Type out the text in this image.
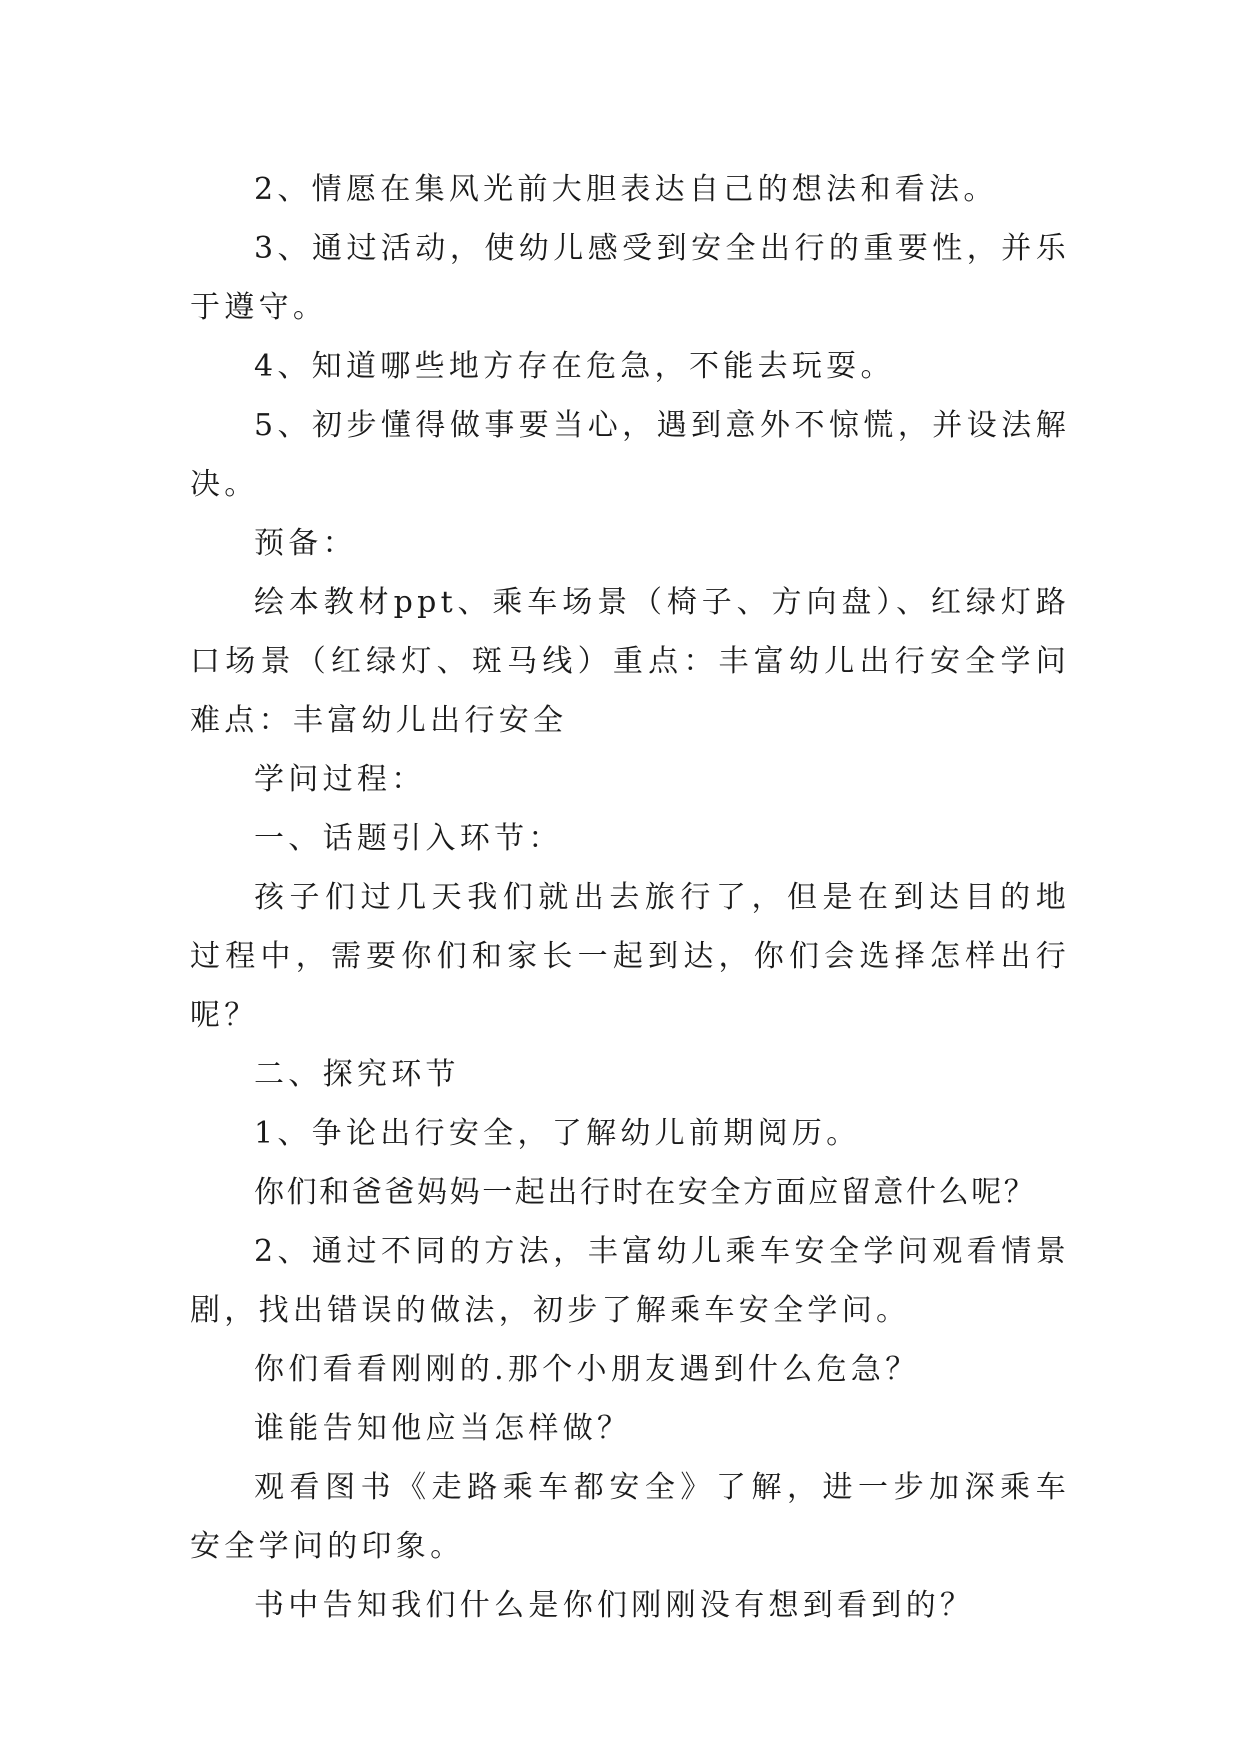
2、情愿在集风光前大胆表达自己的想法和看法。

3、通过活动，使幼儿感受到安全出行的重要性，并乐于遵守。

4、知道哪些地方存在危急，不能去玩耍。

5、初步懂得做事要当心，遇到意外不惊慌，并设法解决。

预备：

绘本教材ppt、乘车场景（椅子、方向盘）、红绿灯路口场景（红绿灯、斑马线）重点：丰富幼儿出行安全学问难点：丰富幼儿出行安全

学问过程：

一、话题引入环节：

孩子们过几天我们就出去旅行了，但是在到达目的地过程中，需要你们和家长一起到达，你们会选择怎样出行呢？

二、探究环节

1、争论出行安全，了解幼儿前期阅历。

你们和爸爸妈妈一起出行时在安全方面应留意什么呢？

2、通过不同的方法，丰富幼儿乘车安全学问观看情景剧，找出错误的做法，初步了解乘车安全学问。

你们看看刚刚的.那个小朋友遇到什么危急？

谁能告知他应当怎样做？

观看图书《走路乘车都安全》了解，进一步加深乘车安全学问的印象。

书中告知我们什么是你们刚刚没有想到看到的？
